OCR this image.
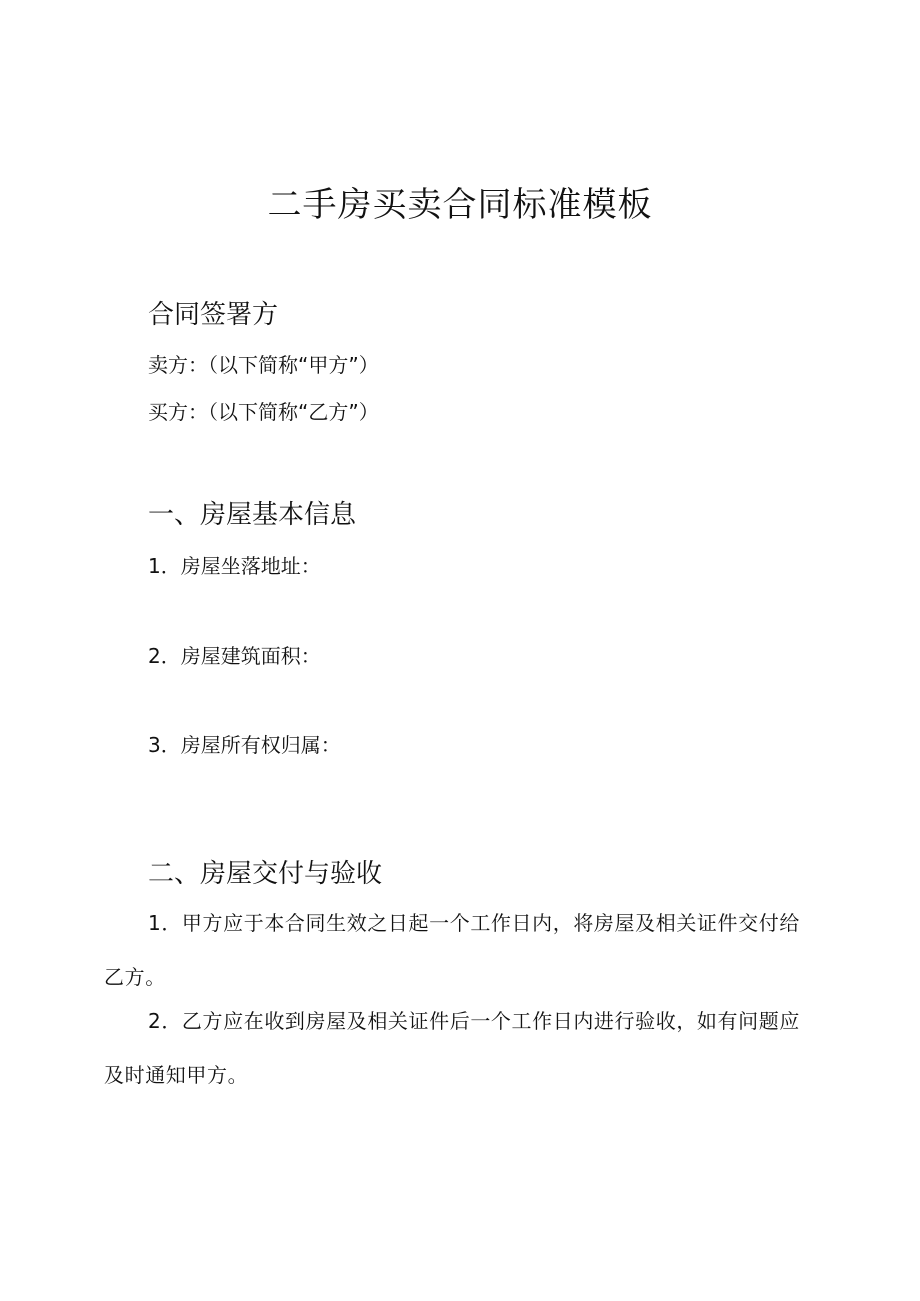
二手房买卖合同标准模板
合同签署方

卖方：（以下简称“甲方”）

买方：（以下简称“乙方”）

一、房屋基本信息

1．房屋坐落地址：

2．房屋建筑面积：

3．房屋所有权归属：

二、房屋交付与验收

1．甲方应于本合同生效之日起一个工作日内，将房屋及相关证件交付给乙方。

2．乙方应在收到房屋及相关证件后一个工作日内进行验收，如有问题应及时通知甲方。
